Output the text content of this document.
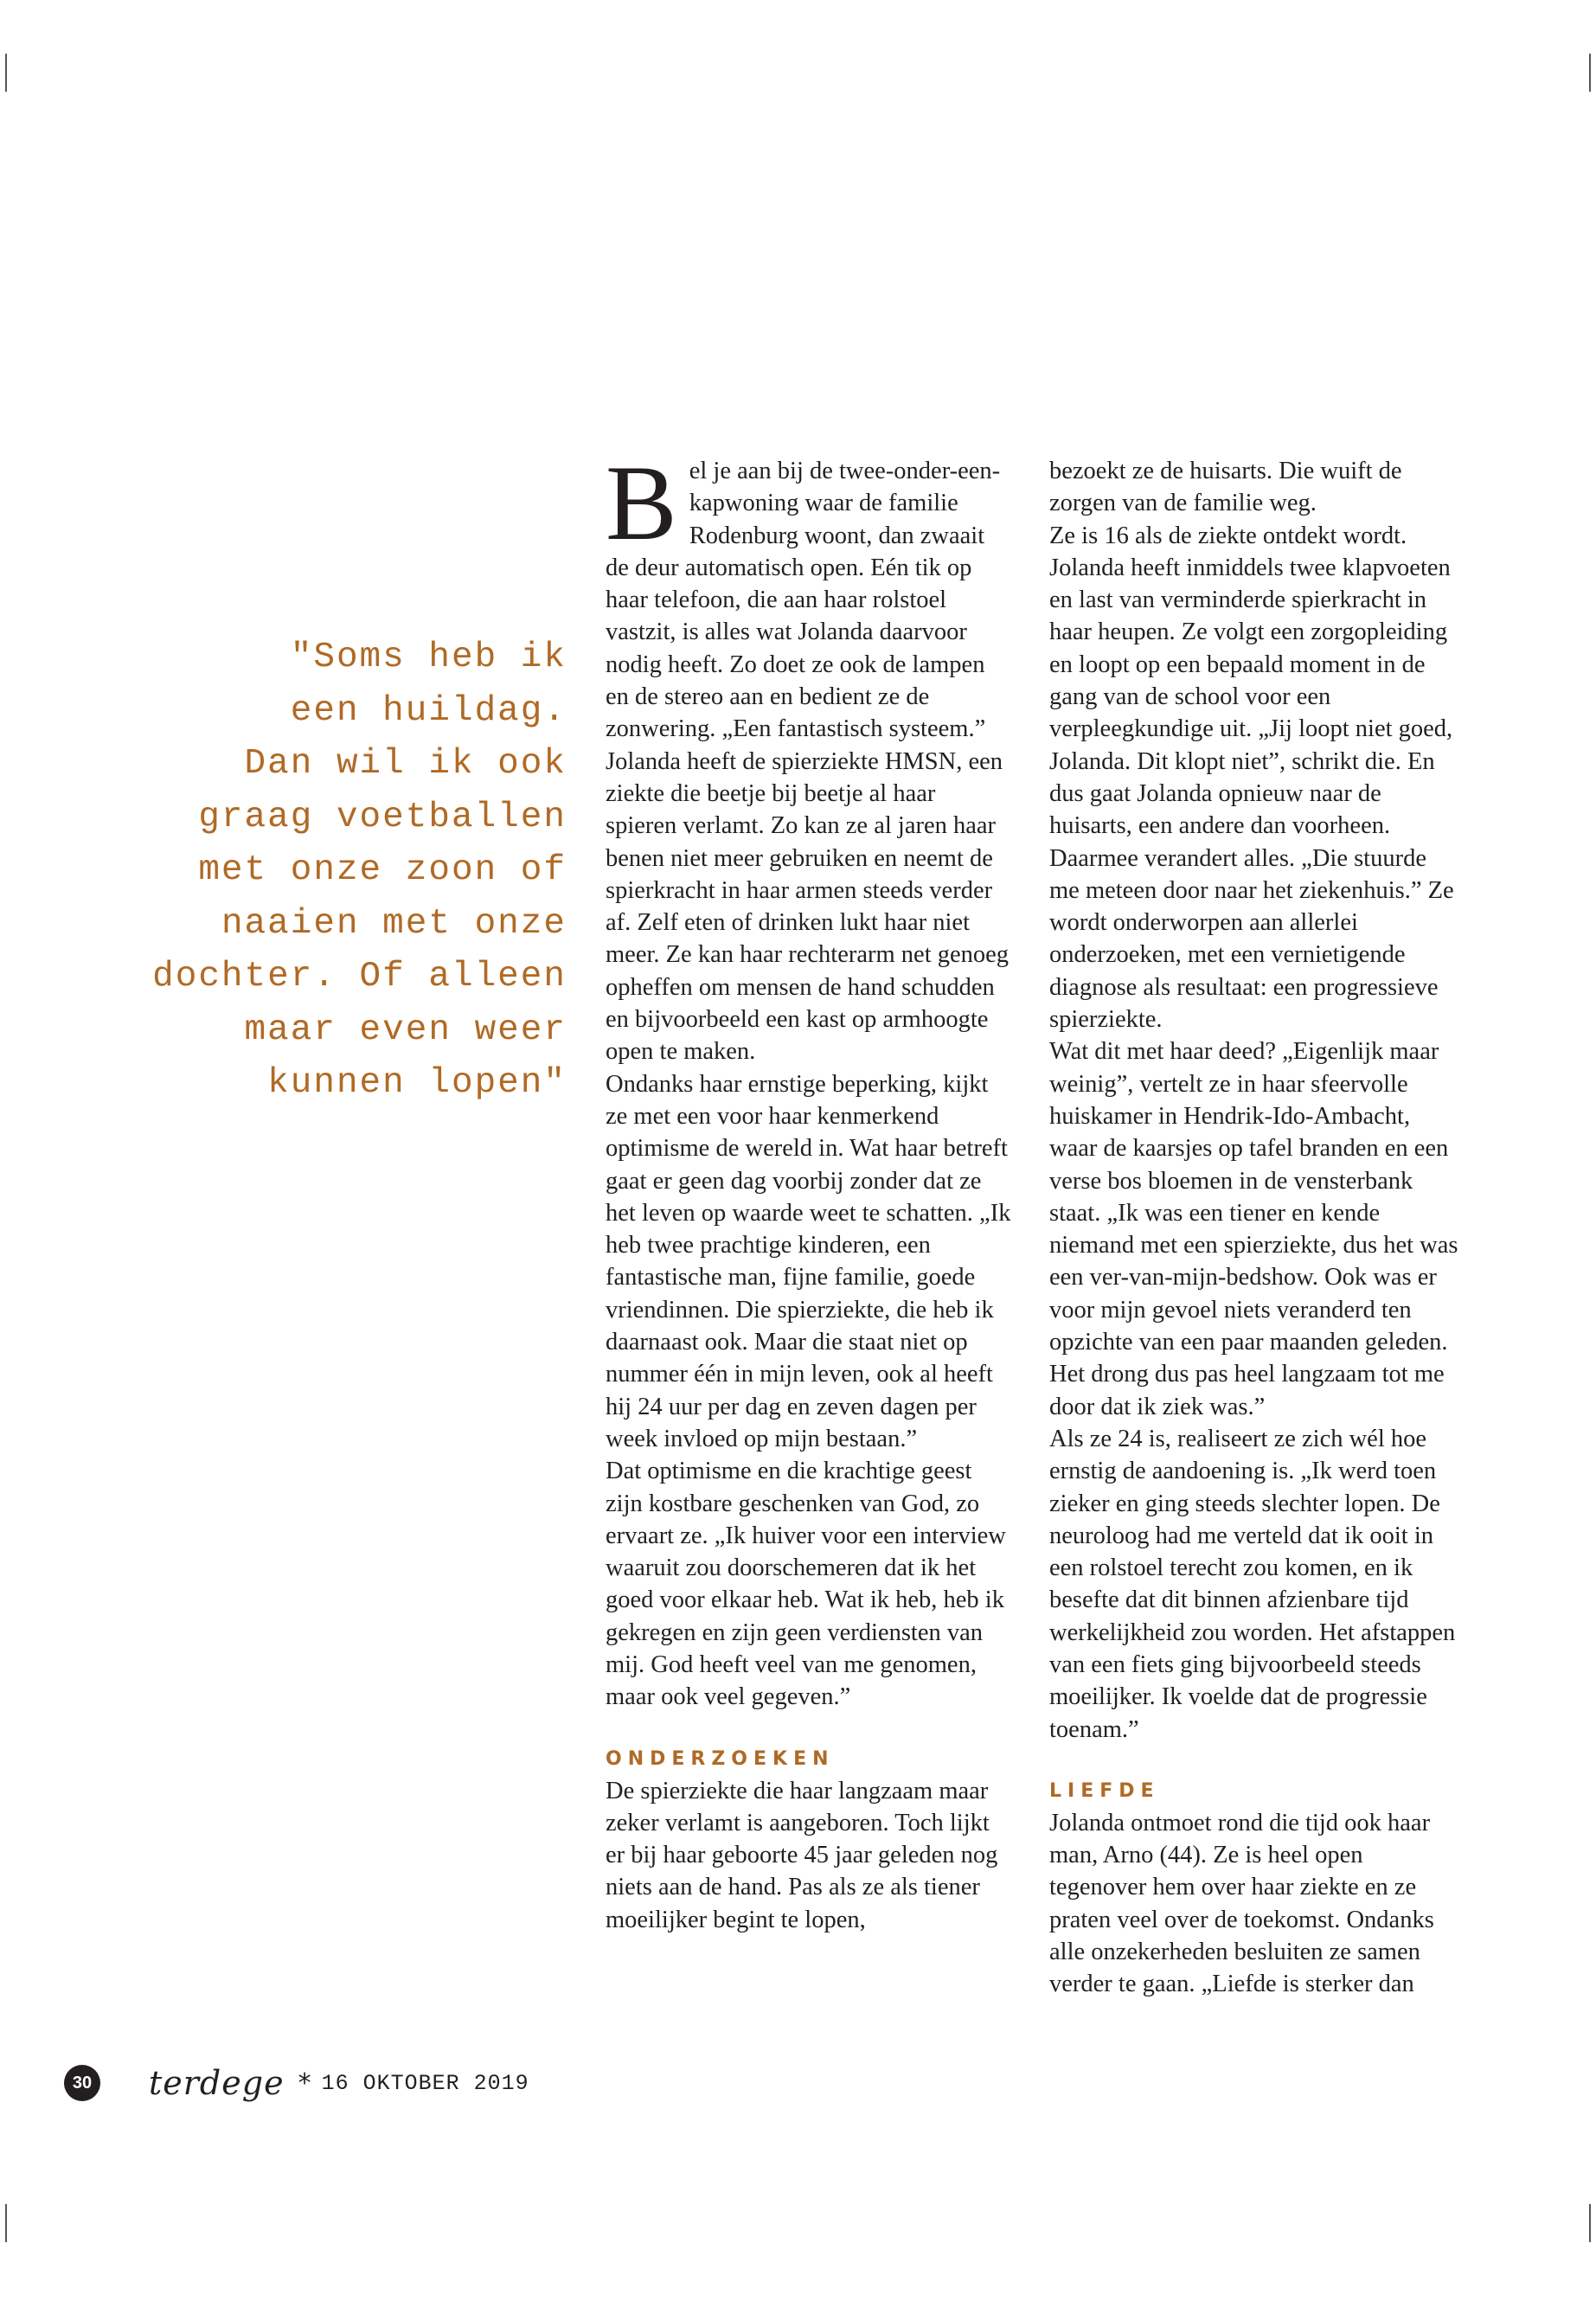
"Soms heb ik
een huildag.
Dan wil ik ook
graag voetballen
met onze zoon of
naaien met onze
dochter. Of alleen
maar even weer
kunnen lopen"

Bel je aan bij de twee-onder-een-kapwoning waar de familie Rodenburg woont, dan zwaait de deur automatisch open. Eén tik op haar telefoon, die aan haar rolstoel vastzit, is alles wat Jolanda daarvoor nodig heeft. Zo doet ze ook de lampen en de stereo aan en bedient ze de zonwering. „Een fantastisch systeem.” Jolanda heeft de spierziekte HMSN, een ziekte die beetje bij beetje al haar spieren verlamt. Zo kan ze al jaren haar benen niet meer gebruiken en neemt de spierkracht in haar armen steeds verder af. Zelf eten of drinken lukt haar niet meer. Ze kan haar rechterarm net genoeg opheffen om mensen de hand schudden en bijvoorbeeld een kast op armhoogte open te maken.

Ondanks haar ernstige beperking, kijkt ze met een voor haar kenmerkend optimisme de wereld in. Wat haar betreft gaat er geen dag voorbij zonder dat ze het leven op waarde weet te schatten. „Ik heb twee prachtige kinderen, een fantastische man, fijne familie, goede vriendinnen. Die spierziekte, die heb ik daarnaast ook. Maar die staat niet op nummer één in mijn leven, ook al heeft hij 24 uur per dag en zeven dagen per week invloed op mijn bestaan.”

Dat optimisme en die krachtige geest zijn kostbare geschenken van God, zo ervaart ze. „Ik huiver voor een interview waaruit zou doorschemeren dat ik het goed voor elkaar heb. Wat ik heb, heb ik gekregen en zijn geen verdiensten van mij. God heeft veel van me genomen, maar ook veel gegeven.”

ONDERZOEKEN

De spierziekte die haar langzaam maar zeker verlamt is aangeboren. Toch lijkt er bij haar geboorte 45 jaar geleden nog niets aan de hand. Pas als ze als tiener moeilijker begint te lopen,

bezoekt ze de huisarts. Die wuift de zorgen van de familie weg.

Ze is 16 als de ziekte ontdekt wordt. Jolanda heeft inmiddels twee klapvoeten en last van verminderde spierkracht in haar heupen. Ze volgt een zorgopleiding en loopt op een bepaald moment in de gang van de school voor een verpleegkundige uit. „Jij loopt niet goed, Jolanda. Dit klopt niet”, schrikt die. En dus gaat Jolanda opnieuw naar de huisarts, een andere dan voorheen. Daarmee verandert alles. „Die stuurde me meteen door naar het ziekenhuis.” Ze wordt onderworpen aan allerlei onderzoeken, met een vernietigende diagnose als resultaat: een progressieve spierziekte.

Wat dit met haar deed? „Eigenlijk maar weinig”, vertelt ze in haar sfeervolle huiskamer in Hendrik-Ido-Ambacht, waar de kaarsjes op tafel branden en een verse bos bloemen in de vensterbank staat. „Ik was een tiener en kende niemand met een spierziekte, dus het was een ver-van-mijn-bedshow. Ook was er voor mijn gevoel niets veranderd ten opzichte van een paar maanden geleden. Het drong dus pas heel langzaam tot me door dat ik ziek was.”

Als ze 24 is, realiseert ze zich wél hoe ernstig de aandoening is. „Ik werd toen zieker en ging steeds slechter lopen. De neuroloog had me verteld dat ik ooit in een rolstoel terecht zou komen, en ik besefte dat dit binnen afzienbare tijd werkelijkheid zou worden. Het afstappen van een fiets ging bijvoorbeeld steeds moeilijker. Ik voelde dat de progressie toenam.”

LIEFDE

Jolanda ontmoet rond die tijd ook haar man, Arno (44). Ze is heel open tegenover hem over haar ziekte en ze praten veel over de toekomst. Ondanks alle onzekerheden besluiten ze samen verder te gaan. „Liefde is sterker dan

30 terdege * 16 OKTOBER 2019
